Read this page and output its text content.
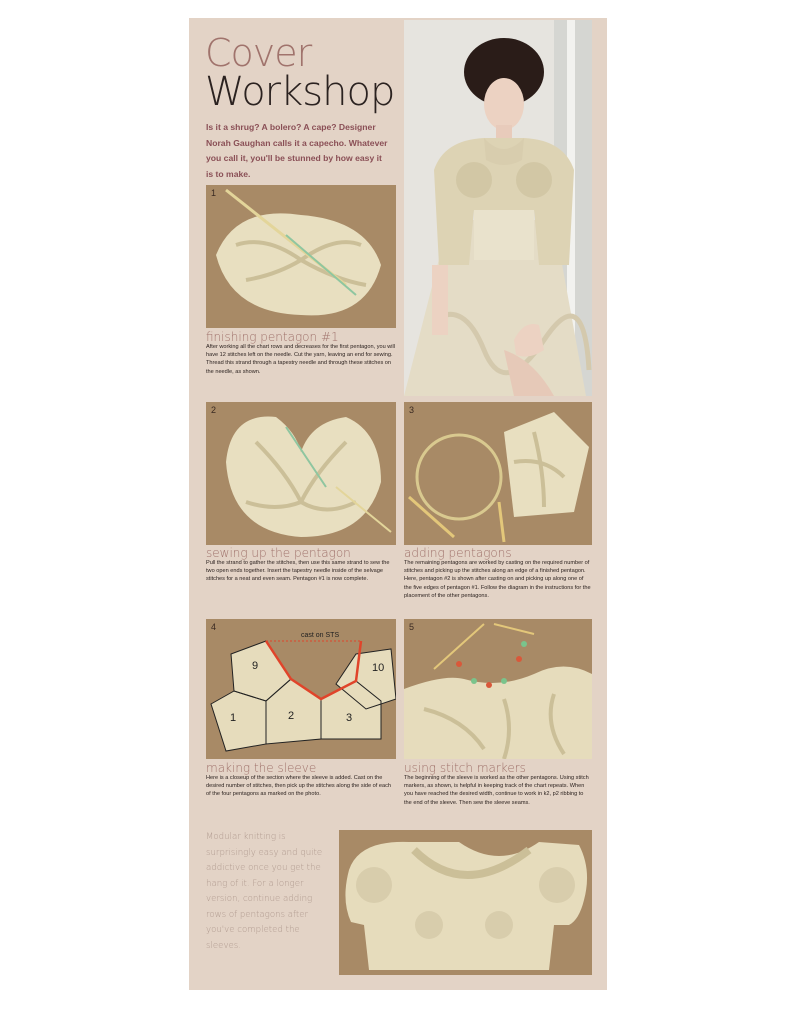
Cover
Workshop
Is it a shrug? A bolero? A cape? Designer Norah Gaughan calls it a capecho. Whatever you call it, you'll be stunned by how easy it is to make.
1
finishing pentagon #1
After working all the chart rows and decreases for the first pentagon, you will have 12 stitches left on the needle. Cut the yarn, leaving an end for sewing. Thread this strand through a tapestry needle and through these stitches on the needle, as shown.
2
sewing up the pentagon
Pull the strand to gather the stitches, then use this same strand to sew the two open ends together. Insert the tapestry needle inside of the selvage stitches for a neat and even seam. Pentagon #1 is now complete.
3
adding pentagons
The remaining pentagons are worked by casting on the required number of stitches and picking up the stitches along an edge of a finished pentagon. Here, pentagon #2 is shown after casting on and picking up along one of the five edges of pentagon #1. Follow the diagram in the instructions for the placement of the other pentagons.
cast on STS
9	10
1	2	3
4
making the sleeve
Here is a closeup of the section where the sleeve is added. Cast on the desired number of stitches, then pick up the stitches along the side of each of the four pentagons as marked on the photo.
5
using stitch markers
The beginning of the sleeve is worked as the other pentagons. Using stitch markers, as shown, is helpful in keeping track of the chart repeats. When you have reached the desired width, continue to work in k2, p2 ribbing to the end of the sleeve. Then sew the sleeve seams.
Modular knitting is surprisingly easy and quite addictive once you get the hang of it. For a longer version, continue adding rows of pentagons after you've completed the sleeves.
